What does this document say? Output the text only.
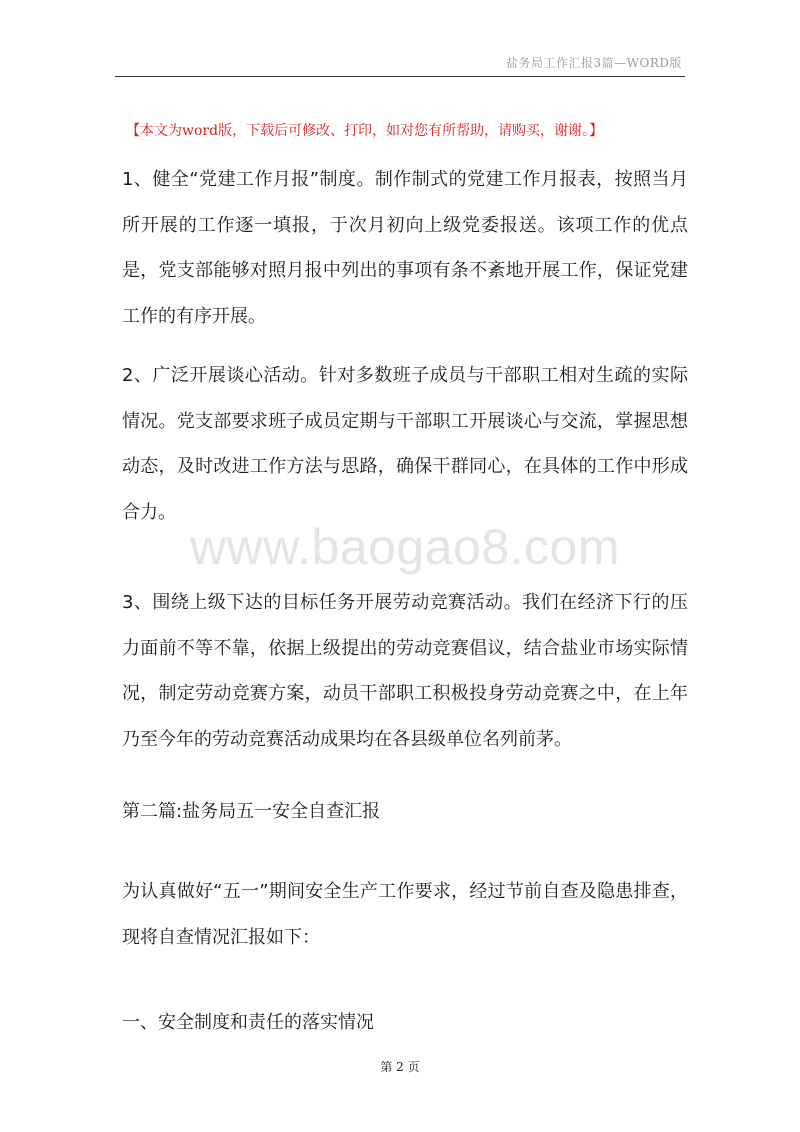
盐务局工作汇报3篇—WORD版
【本文为word版，下载后可修改、打印，如对您有所帮助，请购买，谢谢。】

1、健全“党建工作月报”制度。制作制式的党建工作月报表，按照当月所开展的工作逐一填报，于次月初向上级党委报送。该项工作的优点是，党支部能够对照月报中列出的事项有条不紊地开展工作，保证党建工作的有序开展。

2、广泛开展谈心活动。针对多数班子成员与干部职工相对生疏的实际情况。党支部要求班子成员定期与干部职工开展谈心与交流，掌握思想动态，及时改进工作方法与思路，确保干群同心，在具体的工作中形成合力。

3、围绕上级下达的目标任务开展劳动竞赛活动。我们在经济下行的压力面前不等不靠，依据上级提出的劳动竞赛倡议，结合盐业市场实际情况，制定劳动竞赛方案，动员干部职工积极投身劳动竞赛之中，在上年乃至今年的劳动竞赛活动成果均在各县级单位名列前茅。

www.baogao8.com
第二篇:盐务局五一安全自查汇报

为认真做好“五一”期间安全生产工作要求，经过节前自查及隐患排查，现将自查情况汇报如下：

一、安全制度和责任的落实情况
第 2 页
